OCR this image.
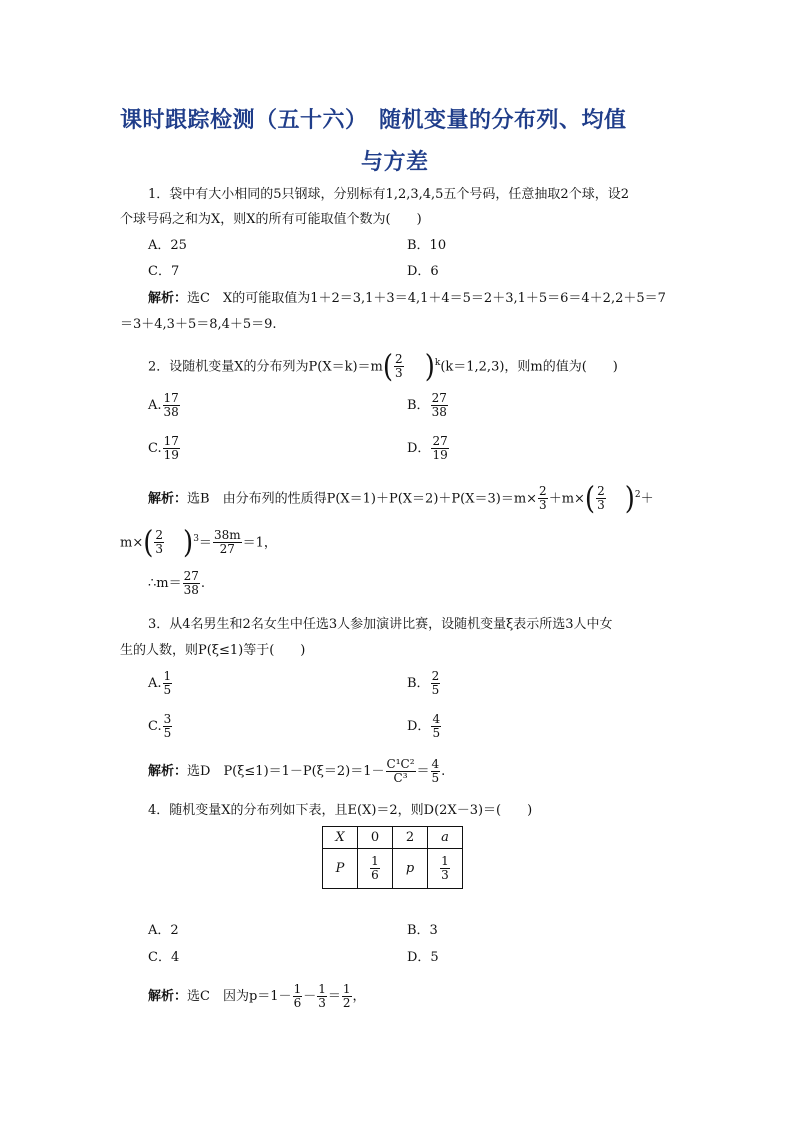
课时跟踪检测（五十六）　随机变量的分布列、均值
与方差
1．袋中有大小相同的5只钢球，分别标有1,2,3,4,5五个号码，任意抽取2个球，设2
个球号码之和为X，则X的所有可能取值个数为(　　)
A．25	B．10
C．7	D．6
解析：选C　X的可能取值为1＋2＝3,1＋3＝4,1＋4＝5＝2＋3,1＋5＝6＝4＋2,2＋5＝7
＝3＋4,3＋5＝8,4＋5＝9.
2．设随机变量X的分布列为$P(X=k)=m( \frac{2}{3} )^k(k=1,2,3)$，则m的值为(　　)
A. $\frac{17}{38}$	B． $\frac{27}{38}$
C. $\frac{17}{19}$	D． $\frac{27}{19}$
解析：选B　由分布列的性质得$P(X=1)+P(X=2)+P(X=3)=m\times \frac{2}{3} +m\times( \frac{2}{3} )^2+$
$m\times( \frac{2}{3} )^3= \frac{38m}{27} =1$，
∴m＝ $\frac{27}{38}$ .
3．从4名男生和2名女生中任选3人参加演讲比赛，设随机变量ξ表示所选3人中女
生的人数，则P(ξ≤1)等于(　　)
A. $\frac{1}{5}$	B． $\frac{2}{5}$
C. $\frac{3}{5}$	D． $\frac{4}{5}$
解析：选D　$P(\xi\le 1)=1-P(\xi=2)=1- \frac{\text{C¹C²}}{\text{C³}} = \frac{4}{5}$ .
4．随机变量X的分布列如下表，且E(X)＝2，则D(2X－3)＝(　　)
X	0	2	a
P	$\frac{1}{6}$	p	$\frac{1}{3}$
A．2	B．3
C．4	D．5
解析：选C　因为$p=1- \frac{1}{6} - \frac{1}{3} = \frac{1}{2}$ ，
